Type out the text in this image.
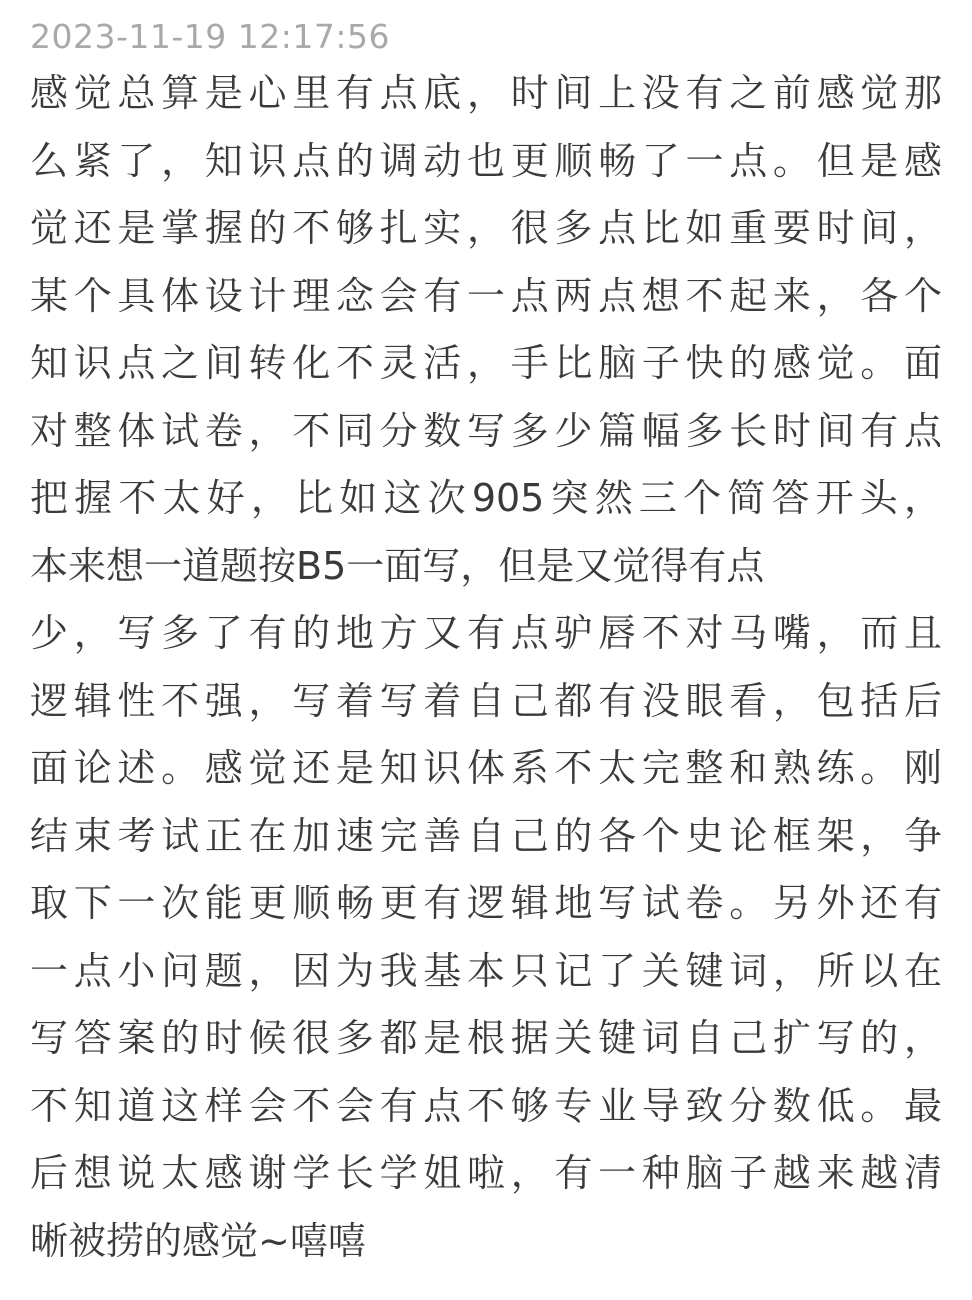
2023-11-19 12:17:56
感觉总算是心里有点底，时间上没有之前感觉那
么紧了，知识点的调动也更顺畅了一点。但是感
觉还是掌握的不够扎实，很多点比如重要时间，
某个具体设计理念会有一点两点想不起来，各个
知识点之间转化不灵活，手比脑子快的感觉。面
对整体试卷，不同分数写多少篇幅多长时间有点
把握不太好，比如这次905突然三个简答开头，
本来想一道题按B5一面写，但是又觉得有点
少，写多了有的地方又有点驴唇不对马嘴，而且
逻辑性不强，写着写着自己都有没眼看，包括后
面论述。感觉还是知识体系不太完整和熟练。刚
结束考试正在加速完善自己的各个史论框架，争
取下一次能更顺畅更有逻辑地写试卷。另外还有
一点小问题，因为我基本只记了关键词，所以在
写答案的时候很多都是根据关键词自己扩写的，
不知道这样会不会有点不够专业导致分数低。最
后想说太感谢学长学姐啦，有一种脑子越来越清
晰被捞的感觉~嘻嘻
